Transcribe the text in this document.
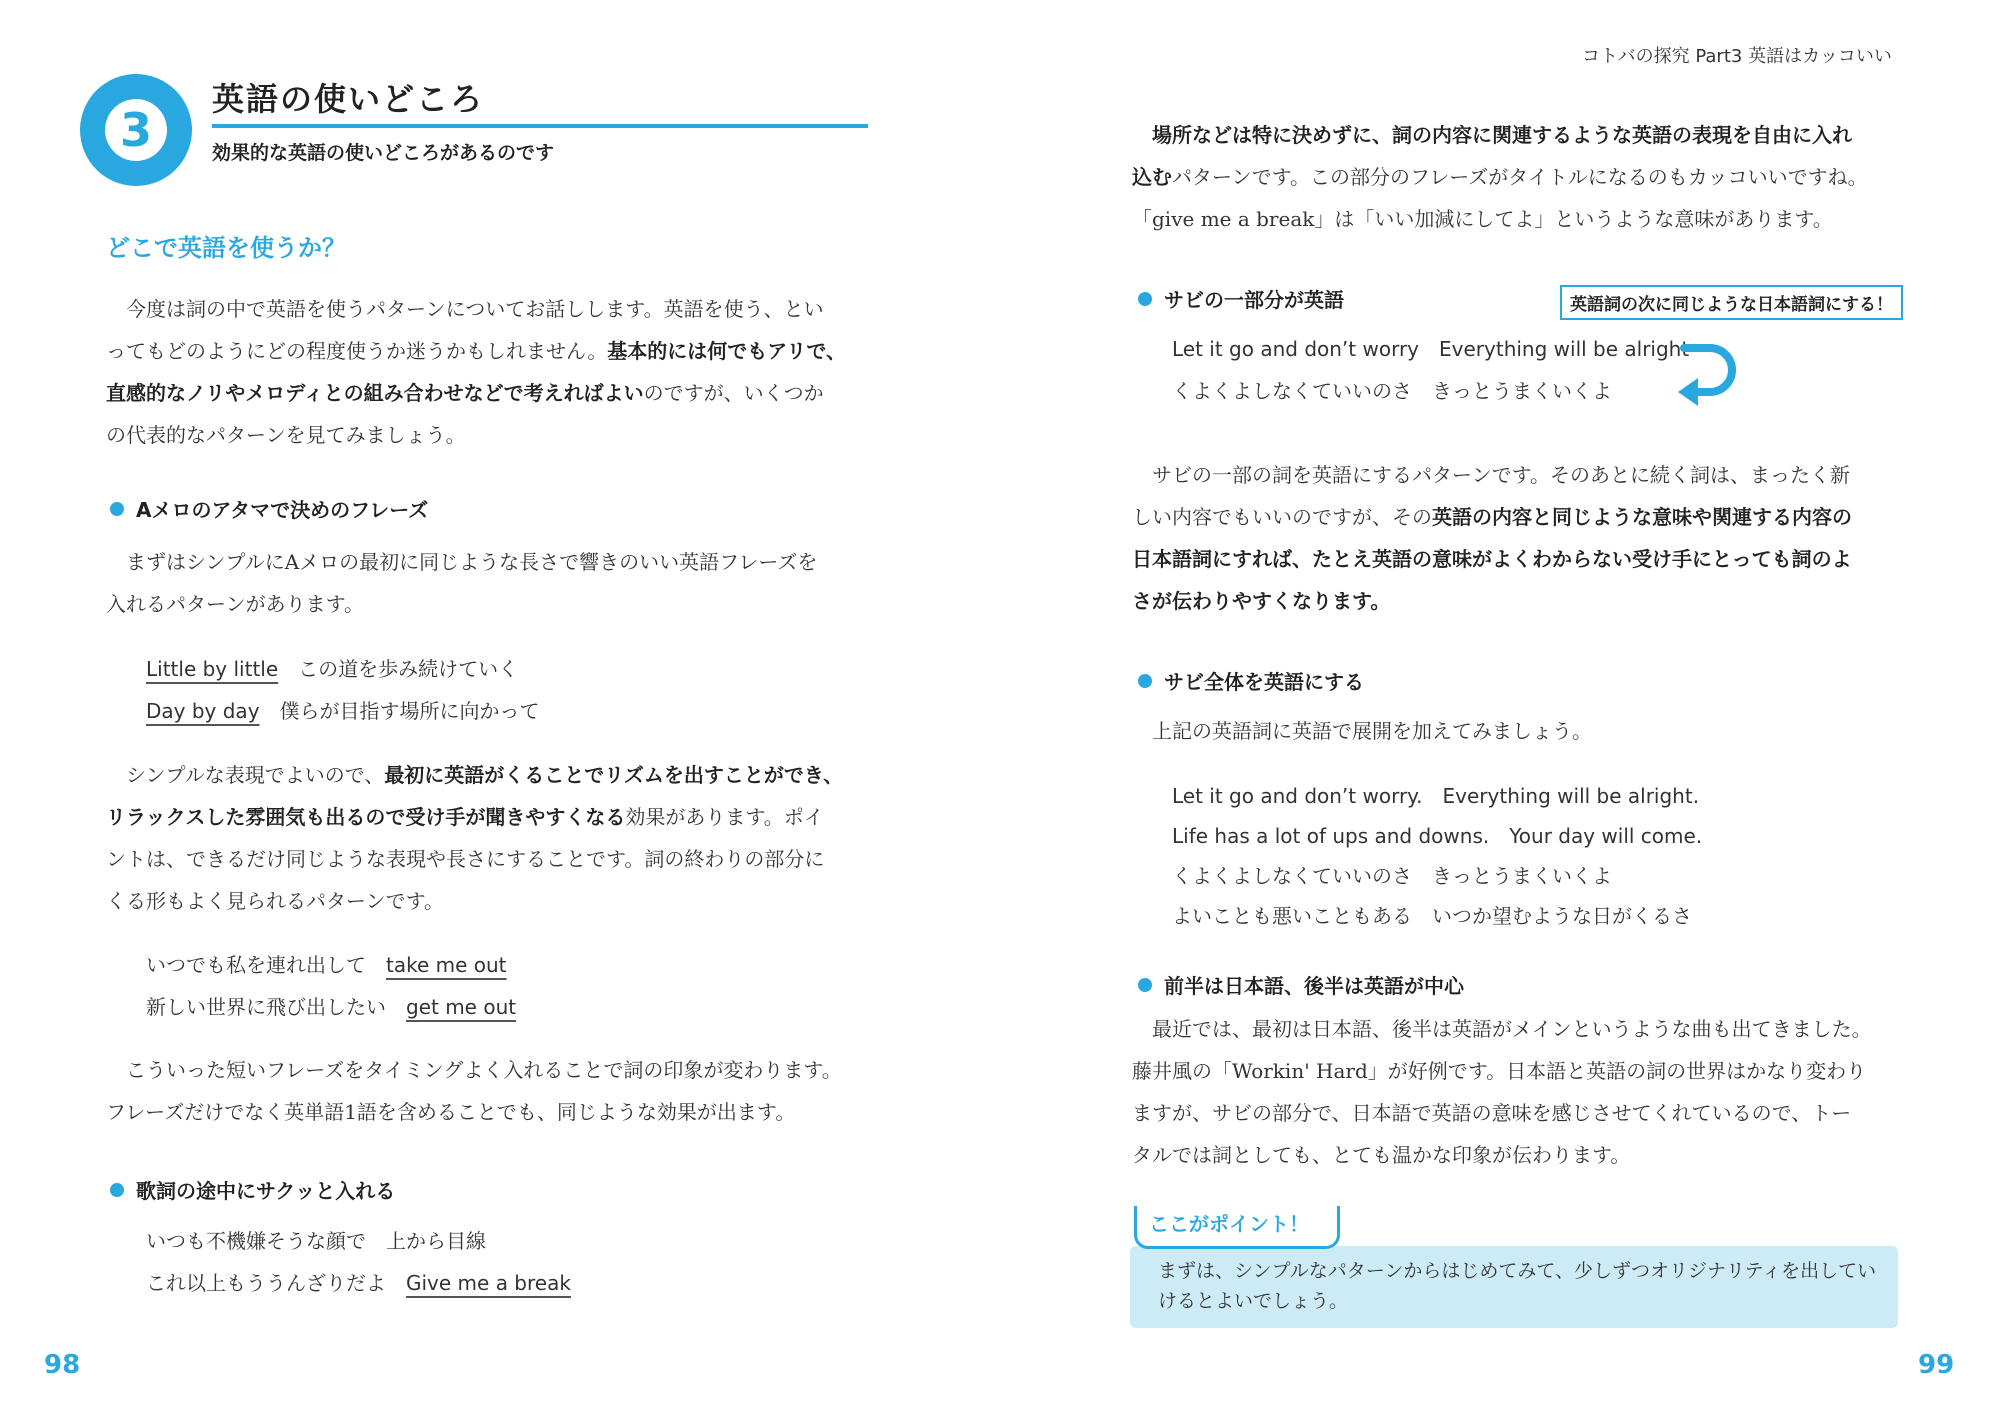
3
英語の使いどころ
効果的な英語の使いどころがあるのです
どこで英語を使うか？
　今度は詞の中で英語を使うパターンについてお話しします。英語を使う、とい
ってもどのようにどの程度使うか迷うかもしれません。基本的には何でもアリで、
直感的なノリやメロディとの組み合わせなどで考えればよいのですが、いくつか
の代表的なパターンを見てみましょう。
Aメロのアタマで決めのフレーズ
　まずはシンプルにAメロの最初に同じような長さで響きのいい英語フレーズを
入れるパターンがあります。
Little by little　この道を歩み続けていく
Day by day　僕らが目指す場所に向かって
　シンプルな表現でよいので、最初に英語がくることでリズムを出すことができ、
リラックスした雰囲気も出るので受け手が聞きやすくなる効果があります。ポイ
ントは、できるだけ同じような表現や長さにすることです。詞の終わりの部分に
くる形もよく見られるパターンです。
いつでも私を連れ出して　take me out
新しい世界に飛び出したい　get me out
　こういった短いフレーズをタイミングよく入れることで詞の印象が変わります。
フレーズだけでなく英単語1語を含めることでも、同じような効果が出ます。
歌詞の途中にサクッと入れる
いつも不機嫌そうな顔で　上から目線
これ以上もううんざりだよ　Give me a break
98
コトバの探究 Part3 英語はカッコいい
　場所などは特に決めずに、詞の内容に関連するような英語の表現を自由に入れ
込むパターンです。この部分のフレーズがタイトルになるのもカッコいいですね。
「give me a break」は「いい加減にしてよ」というような意味があります。
サビの一部分が英語	英語詞の次に同じような日本語詞にする！
Let it go and don’t worry　Everything will be alright
くよくよしなくていいのさ　きっとうまくいくよ
　サビの一部の詞を英語にするパターンです。そのあとに続く詞は、まったく新
しい内容でもいいのですが、その英語の内容と同じような意味や関連する内容の
日本語詞にすれば、たとえ英語の意味がよくわからない受け手にとっても詞のよ
さが伝わりやすくなります。
サビ全体を英語にする
　上記の英語詞に英語で展開を加えてみましょう。
Let it go and don’t worry.　Everything will be alright.
Life has a lot of ups and downs.　Your day will come.
くよくよしなくていいのさ　きっとうまくいくよ
よいことも悪いこともある　いつか望むような日がくるさ
前半は日本語、後半は英語が中心
　最近では、最初は日本語、後半は英語がメインというような曲も出てきました。
藤井風の「Workin' Hard」が好例です。日本語と英語の詞の世界はかなり変わり
ますが、サビの部分で、日本語で英語の意味を感じさせてくれているので、トー
タルでは詞としても、とても温かな印象が伝わります。
まずは、シンプルなパターンからはじめてみて、少しずつオリジナリティを出してい
けるとよいでしょう。
ここがポイント！
99
